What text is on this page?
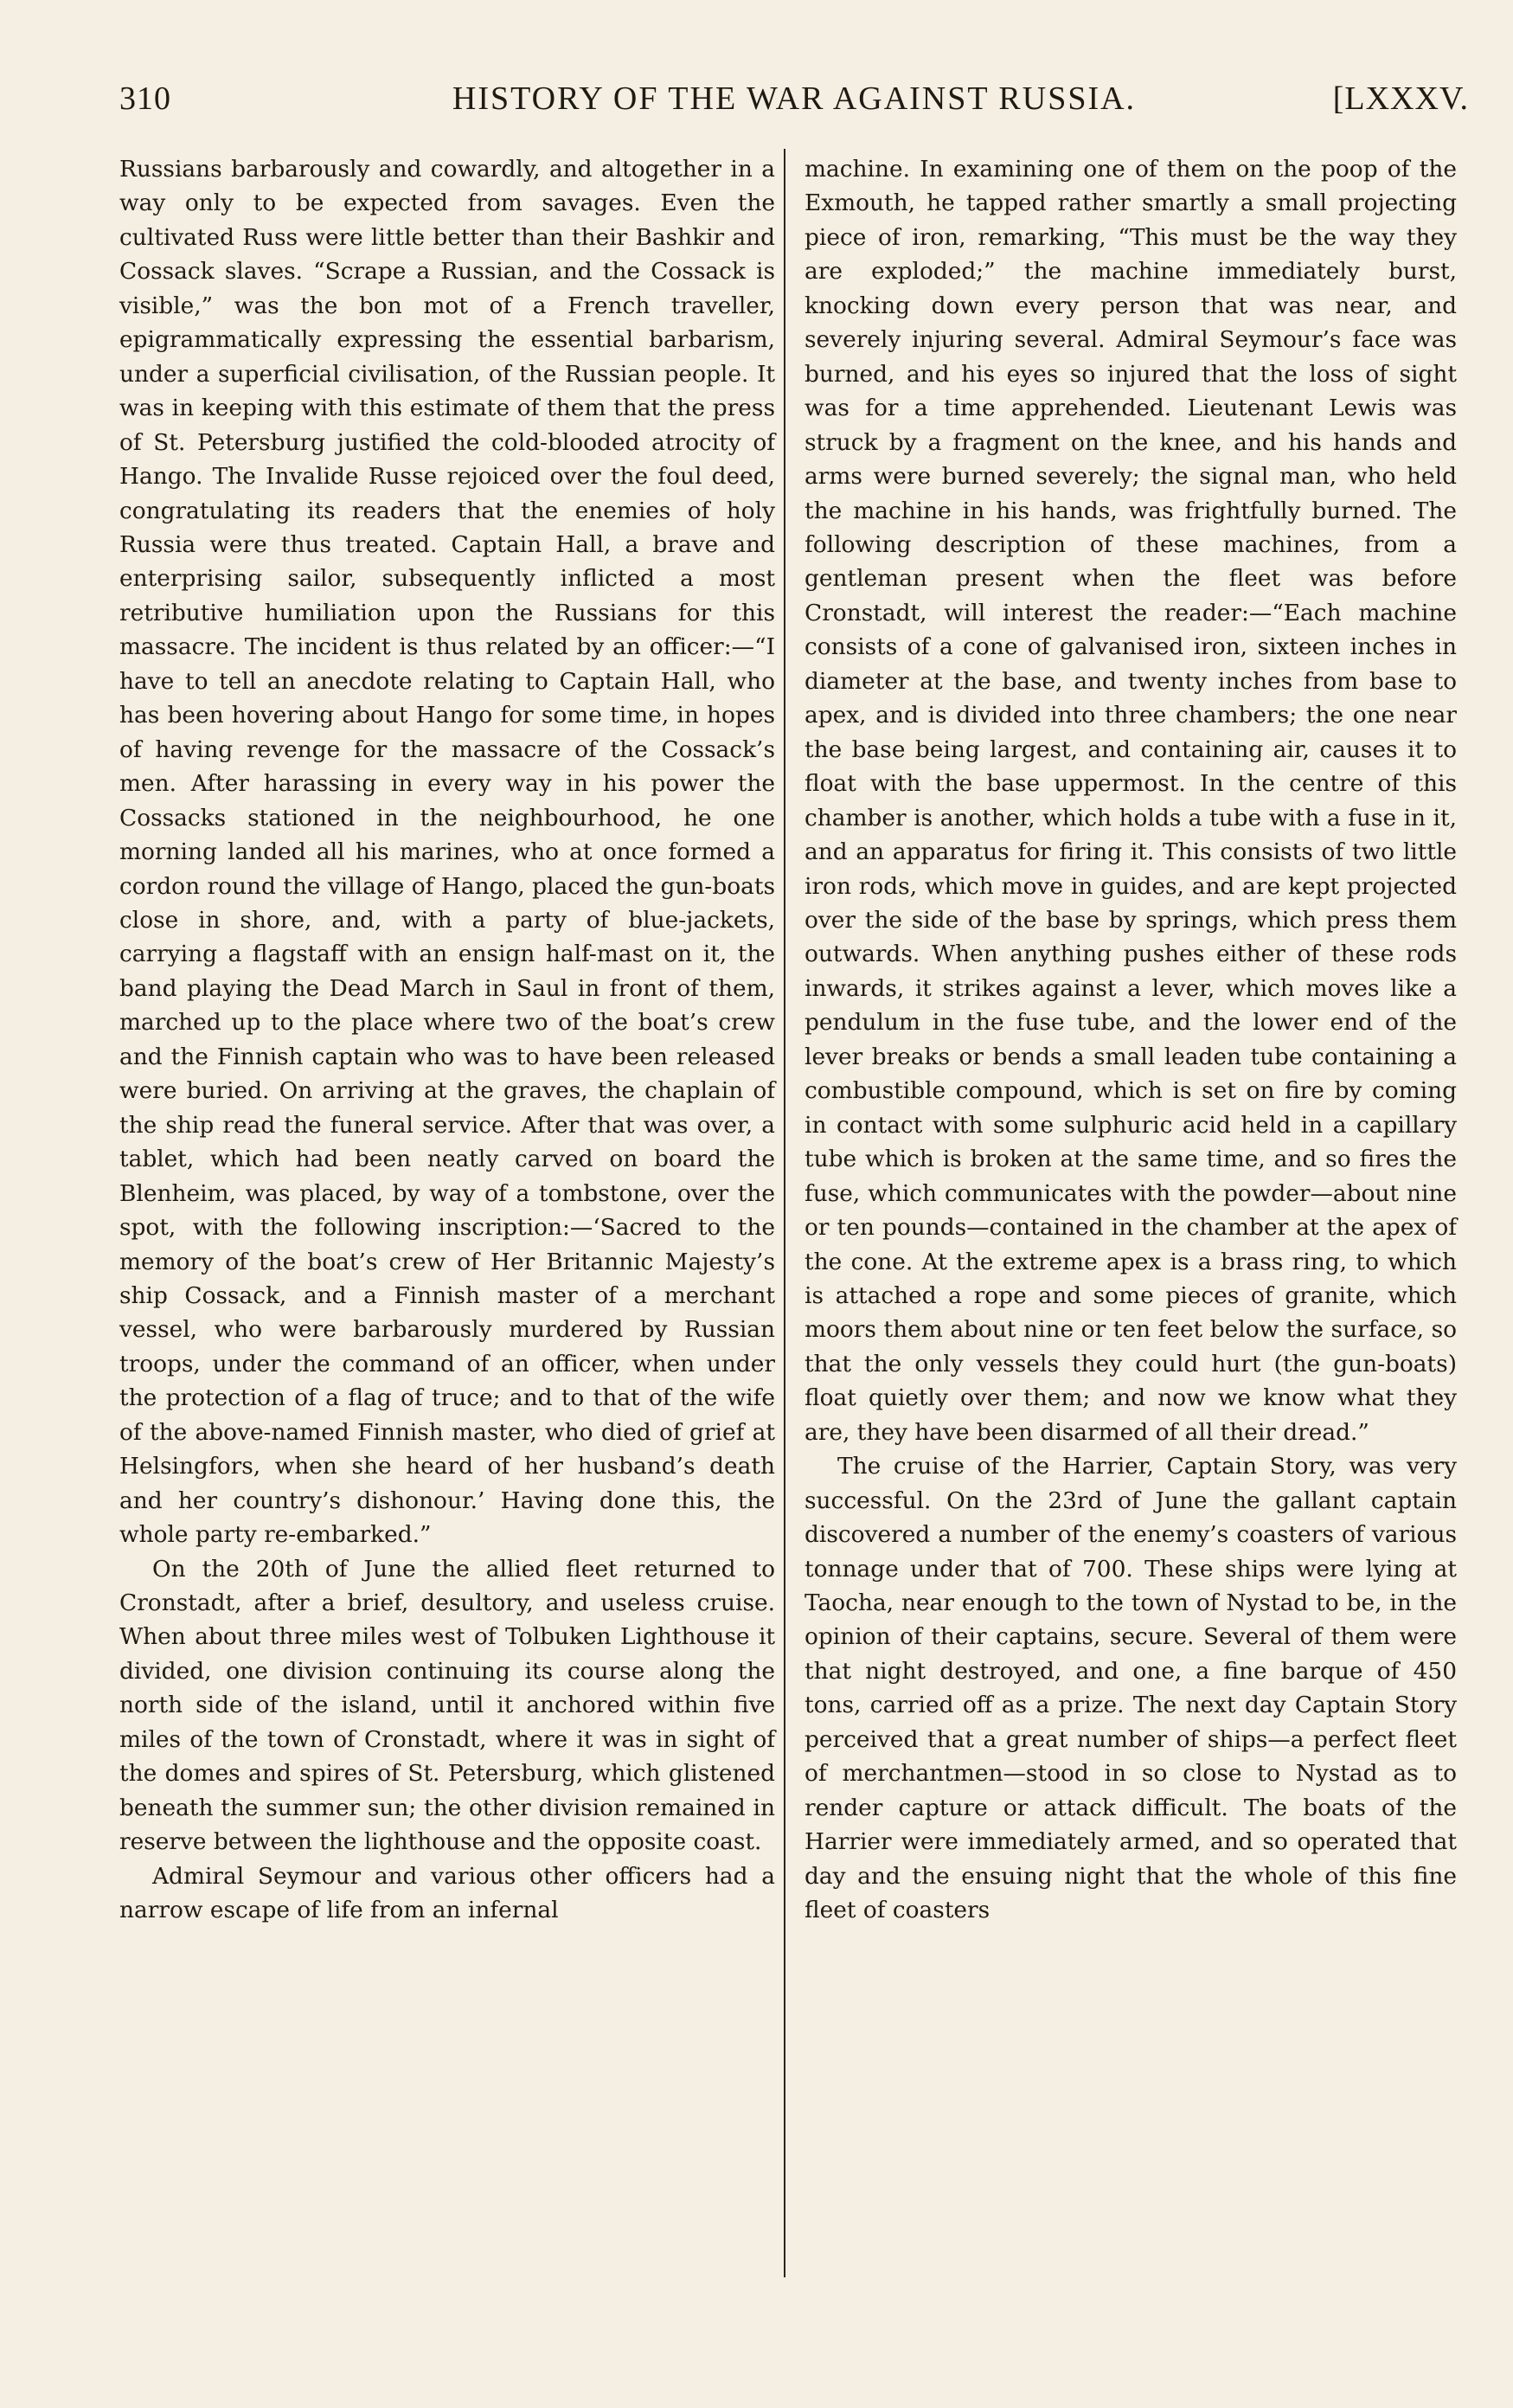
310	HISTORY OF THE WAR AGAINST RUSSIA.	[LXXXV.

Russians barbarously and cowardly, and altogether in a way only to be expected from savages. Even the cultivated Russ were little better than their Bashkir and Cossack slaves. “Scrape a Russian, and the Cossack is visible,” was the bon mot of a French traveller, epigrammatically expressing the essential barbarism, under a superficial civilisation, of the Russian people. It was in keeping with this estimate of them that the press of St. Petersburg justified the cold-blooded atrocity of Hango. The Invalide Russe rejoiced over the foul deed, congratulating its readers that the enemies of holy Russia were thus treated. Captain Hall, a brave and enterprising sailor, subsequently inflicted a most retributive humiliation upon the Russians for this massacre. The incident is thus related by an officer:—“I have to tell an anecdote relating to Captain Hall, who has been hovering about Hango for some time, in hopes of having revenge for the massacre of the Cossack’s men. After harassing in every way in his power the Cossacks stationed in the neighbourhood, he one morning landed all his marines, who at once formed a cordon round the village of Hango, placed the gun-boats close in shore, and, with a party of blue-jackets, carrying a flagstaff with an ensign half-mast on it, the band playing the Dead March in Saul in front of them, marched up to the place where two of the boat’s crew and the Finnish captain who was to have been released were buried. On arriving at the graves, the chaplain of the ship read the funeral service. After that was over, a tablet, which had been neatly carved on board the Blenheim, was placed, by way of a tombstone, over the spot, with the following inscription:—‘Sacred to the memory of the boat’s crew of Her Britannic Majesty’s ship Cossack, and a Finnish master of a merchant vessel, who were barbarously murdered by Russian troops, under the command of an officer, when under the protection of a flag of truce; and to that of the wife of the above-named Finnish master, who died of grief at Helsingfors, when she heard of her husband’s death and her country’s dishonour.’ Having done this, the whole party re-embarked.”

On the 20th of June the allied fleet returned to Cronstadt, after a brief, desultory, and useless cruise. When about three miles west of Tolbuken Lighthouse it divided, one division continuing its course along the north side of the island, until it anchored within five miles of the town of Cronstadt, where it was in sight of the domes and spires of St. Petersburg, which glistened beneath the summer sun; the other division remained in reserve between the lighthouse and the opposite coast.

Admiral Seymour and various other officers had a narrow escape of life from an infernal

machine. In examining one of them on the poop of the Exmouth, he tapped rather smartly a small projecting piece of iron, remarking, “This must be the way they are exploded;” the machine immediately burst, knocking down every person that was near, and severely injuring several. Admiral Seymour’s face was burned, and his eyes so injured that the loss of sight was for a time apprehended. Lieutenant Lewis was struck by a fragment on the knee, and his hands and arms were burned severely; the signal man, who held the machine in his hands, was frightfully burned. The following description of these machines, from a gentleman present when the fleet was before Cronstadt, will interest the reader:—“Each machine consists of a cone of galvanised iron, sixteen inches in diameter at the base, and twenty inches from base to apex, and is divided into three chambers; the one near the base being largest, and containing air, causes it to float with the base uppermost. In the centre of this chamber is another, which holds a tube with a fuse in it, and an apparatus for firing it. This consists of two little iron rods, which move in guides, and are kept projected over the side of the base by springs, which press them outwards. When anything pushes either of these rods inwards, it strikes against a lever, which moves like a pendulum in the fuse tube, and the lower end of the lever breaks or bends a small leaden tube containing a combustible compound, which is set on fire by coming in contact with some sulphuric acid held in a capillary tube which is broken at the same time, and so fires the fuse, which communicates with the powder—about nine or ten pounds—contained in the chamber at the apex of the cone. At the extreme apex is a brass ring, to which is attached a rope and some pieces of granite, which moors them about nine or ten feet below the surface, so that the only vessels they could hurt (the gun-boats) float quietly over them; and now we know what they are, they have been disarmed of all their dread.”

The cruise of the Harrier, Captain Story, was very successful. On the 23rd of June the gallant captain discovered a number of the enemy’s coasters of various tonnage under that of 700. These ships were lying at Taocha, near enough to the town of Nystad to be, in the opinion of their captains, secure. Several of them were that night destroyed, and one, a fine barque of 450 tons, carried off as a prize. The next day Captain Story perceived that a great number of ships—a perfect fleet of merchantmen—stood in so close to Nystad as to render capture or attack difficult. The boats of the Harrier were immediately armed, and so operated that day and the ensuing night that the whole of this fine fleet of coasters
